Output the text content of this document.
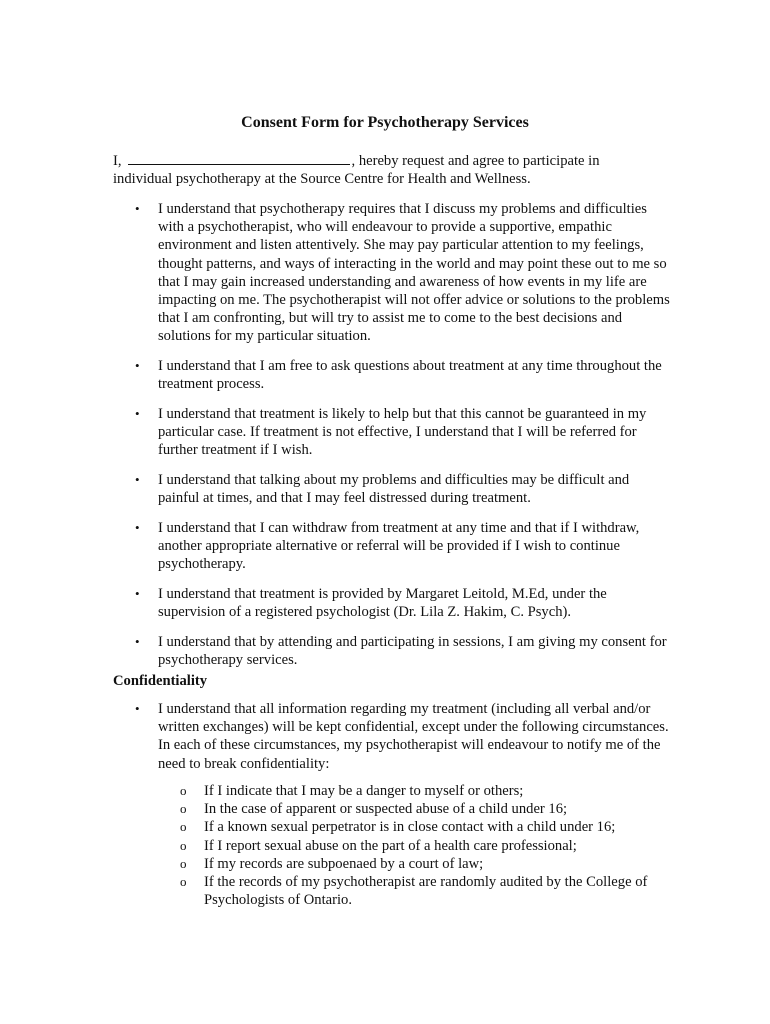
Consent Form for Psychotherapy Services
I,	, hereby request and agree to participate in
individual psychotherapy at the Source Centre for Health and Wellness.
• I understand that psychotherapy requires that I discuss my problems and difficulties with a psychotherapist, who will endeavour to provide a supportive, empathic environment and listen attentively. She may pay particular attention to my feelings, thought patterns, and ways of interacting in the world and may point these out to me so that I may gain increased understanding and awareness of how events in my life are impacting on me. The psychotherapist will not offer advice or solutions to the problems that I am confronting, but will try to assist me to come to the best decisions and solutions for my particular situation.
• I understand that I am free to ask questions about treatment at any time throughout the treatment process.
• I understand that treatment is likely to help but that this cannot be guaranteed in my particular case. If treatment is not effective, I understand that I will be referred for further treatment if I wish.
• I understand that talking about my problems and difficulties may be difficult and painful at times, and that I may feel distressed during treatment.
• I understand that I can withdraw from treatment at any time and that if I withdraw, another appropriate alternative or referral will be provided if I wish to continue psychotherapy.
• I understand that treatment is provided by Margaret Leitold, M.Ed, under the supervision of a registered psychologist (Dr. Lila Z. Hakim, C. Psych).
• I understand that by attending and participating in sessions, I am giving my consent for psychotherapy services.
Confidentiality
• I understand that all information regarding my treatment (including all verbal and/or written exchanges) will be kept confidential, except under the following circumstances. In each of these circumstances, my psychotherapist will endeavour to notify me of the need to break confidentiality:
o If I indicate that I may be a danger to myself or others;
o In the case of apparent or suspected abuse of a child under 16;
o If a known sexual perpetrator is in close contact with a child under 16;
o If I report sexual abuse on the part of a health care professional;
o If my records are subpoenaed by a court of law;
o If the records of my psychotherapist are randomly audited by the College of Psychologists of Ontario.
